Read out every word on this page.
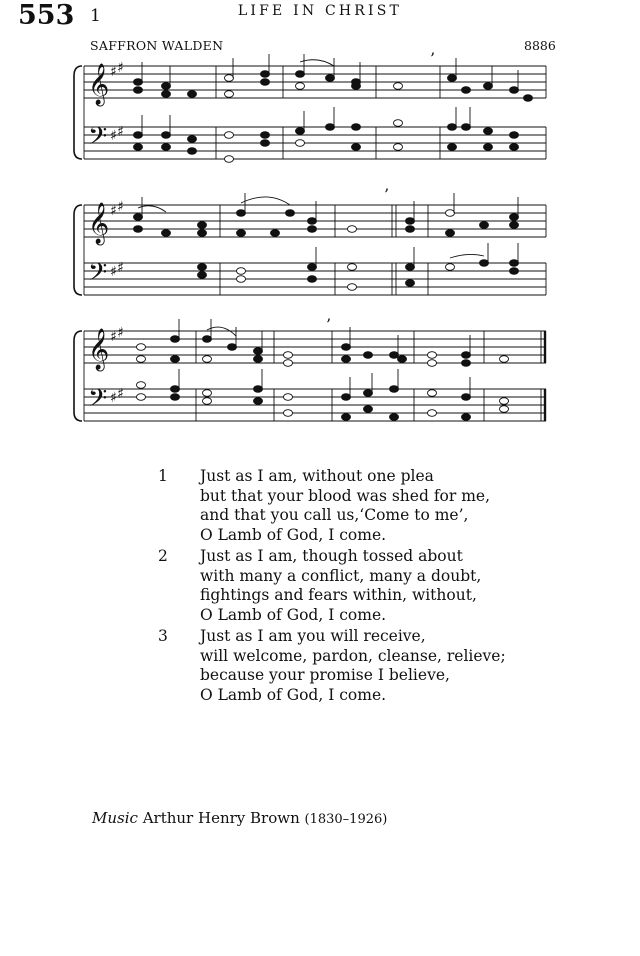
553 1	LIFE IN CHRIST
SAFFRON WALDEN	8886
𝄞
𝄢
♯ ♯
♯ ♯
’
𝄞
𝄢
♯ ♯
♯ ♯
’
𝄞
𝄢
♯ ♯
♯ ♯
’
1 Just as I am, without one plea
but that your blood was shed for me,
and that you call us,‘Come to me’,
O Lamb of God, I come.
2 Just as I am, though tossed about
with many a conflict, many a doubt,
fightings and fears within, without,
O Lamb of God, I come.
3 Just as I am you will receive,
will welcome, pardon, cleanse, relieve;
because your promise I believe,
O Lamb of God, I come.
Music Arthur Henry Brown (1830–1926)
